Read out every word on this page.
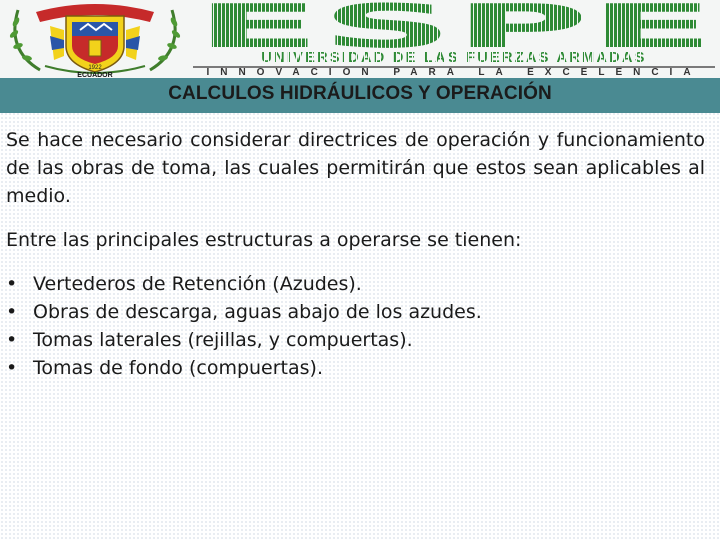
1922
ECUADOR
ESPE
UNIVERSIDAD DE LAS FUERZAS ARMADAS
INNOVACIÓN PARA LA EXCELENCIA
CALCULOS HIDRÁULICOS Y OPERACIÓN

Se hace necesario considerar directrices de operación y funcionamiento de las obras de toma, las cuales permitirán que estos sean aplicables al medio.

Entre las principales estructuras a operarse se tienen:

• Vertederos de Retención (Azudes).
• Obras de descarga, aguas abajo de los azudes.
• Tomas laterales (rejillas, y compuertas).
• Tomas de fondo (compuertas).
